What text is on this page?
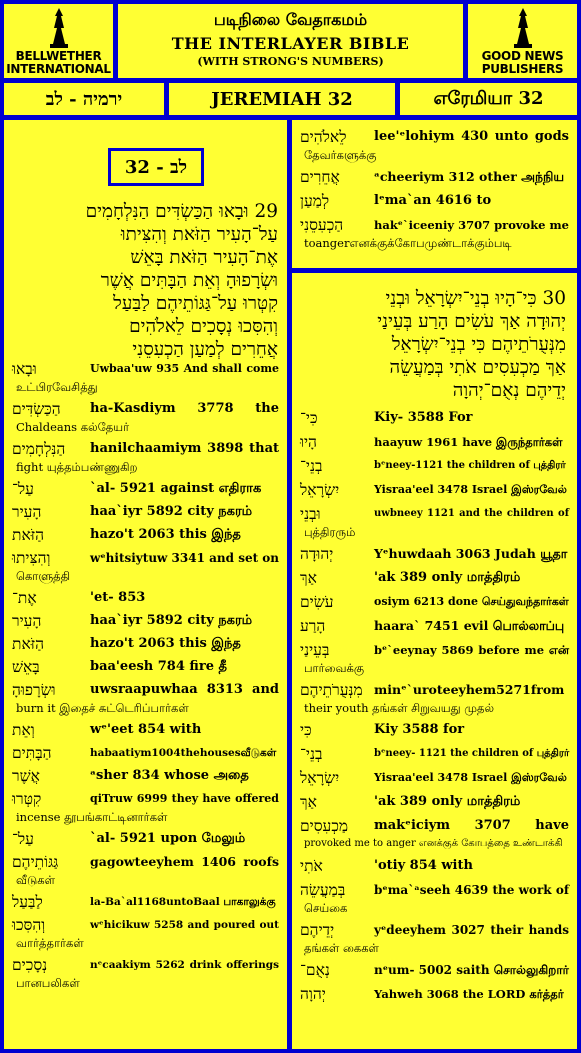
BELLWETHER
INTERNATIONAL
படிநிலை வேதாகமம்
THE INTERLAYER BIBLE
(WITH STRONG'S NUMBERS)	GOOD NEWS
PUBLISHERS
ירמיה - לב	JEREMIAH 32	எரேமியா 32
לב - 32
29 וּבָאוּ הַכַּשְׂדִּים הַנִּלְחָמִים
עַל־הָעִיר הַזֹּאת וְהִצִּיתוּ
אֶת־הָעִיר הַזֹּאת בָּאֵשׁ
וּשְׂרָפוּהָ וְאֵת הַבָּתִּים אֲשֶׁר
קִטְּרוּ עַל־גַּגּוֹתֵיהֶם לַבַּעַל
וְהִסִּכוּ נְסָכִים לֵאלֹהִים
אֲחֵרִים לְמַעַן הַכְעִסֵנִי
וּבָאוּ	Uwbaa'uw 935 And shall come
உட்பிரவேசித்து
הַכַּשְׂדִּים ha-Kasdiym 3778 the
Chaldeans கல்தேயர்
הַנִּלְחָמִים hanilchaamiym 3898 that
fight யுத்தம்பண்ணுகிற
עַל־	`al- 5921 against எதிராக
הָעִיר	haa`iyr 5892 city நகரம்
הַזֹּאת	hazo't 2063 this இந்த
וְהִצִּיתוּ	wᵉhitsiytuw 3341 and set on
கொளுத்தி
אֶת־	'et- 853
הָעִיר	haa`iyr 5892 city நகரம்
הַזֹּאת	hazo't 2063 this இந்த
בָּאֵשׁ	baa'eesh 784 fire தீ
וּשְׂרָפוּהָ	uwsraapuwhaa 8313 and
burn it இதைச் சுட்டெரிப்பார்கள்
וְאֵת	wᵉ'eet 854 with
הַבָּתִּים	habaatiym1004thehousesவீடுகள்
אֲשֶׁר	ᵃsher 834 whose அதை
קִטְּרוּ	qiTruw 6999 they have offered
incense தூபங்காட்டினார்கள்
עַל־	`al- 5921 upon மேலும்
גַּגּוֹתֵיהֶם	gagowteeyhem 1406 roofs
வீடுகள்
לַבַּעַל	la-Ba`al1168untoBaal பாகாலுக்கு
וְהִסִּכוּ	wᵉhicikuw 5258 and poured out
வார்த்தார்கள்
נְסָכִים	nᵉcaakiym 5262 drink offerings
பானபலிகள்
לֵאלֹהִים lee'ᵉlohiym 430 unto gods
தேவர்களுக்கு
אֲחֵרִים	ᵃcheeriym 312 other அந்நிய
לְמַעַן	lᵉma`an 4616 to
הַכְעִסֵנִי	hakᵉ`iceeniy 3707 provoke me
toangerஎனக்குக்கோபமுண்டாக்கும்படி
30 כִּי־הָיוּ בְנֵי־יִשְׂרָאֵל וּבְנֵי
יְהוּדָה אַךְ עֹשִׂים הָרַע בְּעֵינַי
מִנְּעֻרֹתֵיהֶם כִּי בְנֵי־יִשְׂרָאֵל
אַךְ מַכְעִסִים אֹתִי בְּמַעֲשֵׂה
יְדֵיהֶם נְאֻם־יְהוָה
כִּי־	Kiy- 3588 For
הָיוּ	haayuw 1961 have இருந்தார்கள்
בְנֵי־	bᵉneey-1121 the children of புத்திரர்
יִשְׂרָאֵל	Yisraa'eel 3478 Israel இஸ்ரவேல்
וּבְנֵי	uwbneey 1121 and the children of
புத்திரரும்
יְהוּדָה	Yᵉhuwdaah 3063 Judah யூதா
אַךְ	'ak 389 only மாத்திரம்
עֹשִׂים	osiym 6213 done செய்துவந்தார்கள்
הָרַע	haara` 7451 evil பொல்லாப்பு
בְּעֵינַי	bᵉ`eeynay 5869 before me என்
பார்வைக்கு
מִנְּעֻרֹתֵיהֶם minᵉ`uroteeyhem5271from
their youth தங்கள் சிறுவயது முதல்
כִּי	Kiy 3588 for
בְנֵי־	bᵉneey- 1121 the children of புத்திரர்
יִשְׂרָאֵל	Yisraa'eel 3478 Israel இஸ்ரவேல்
אַךְ	'ak 389 only மாத்திரம்
מַכְעִסִים makᵉiciym 3707 have
provoked me to anger எனக்குக் கோபத்தை உண்டாக்கி
אֹתִי	'otiy 854 with
בְּמַעֲשֵׂה bᵉma`ᵃseeh 4639 the work of
செய்கை
יְדֵיהֶם	yᵉdeeyhem 3027 their hands
தங்கள் கைகள்
נְאֻם־	nᵉum- 5002 saith சொல்லுகிறார்
יְהוָה	Yahweh 3068 the LORD கர்த்தர்
